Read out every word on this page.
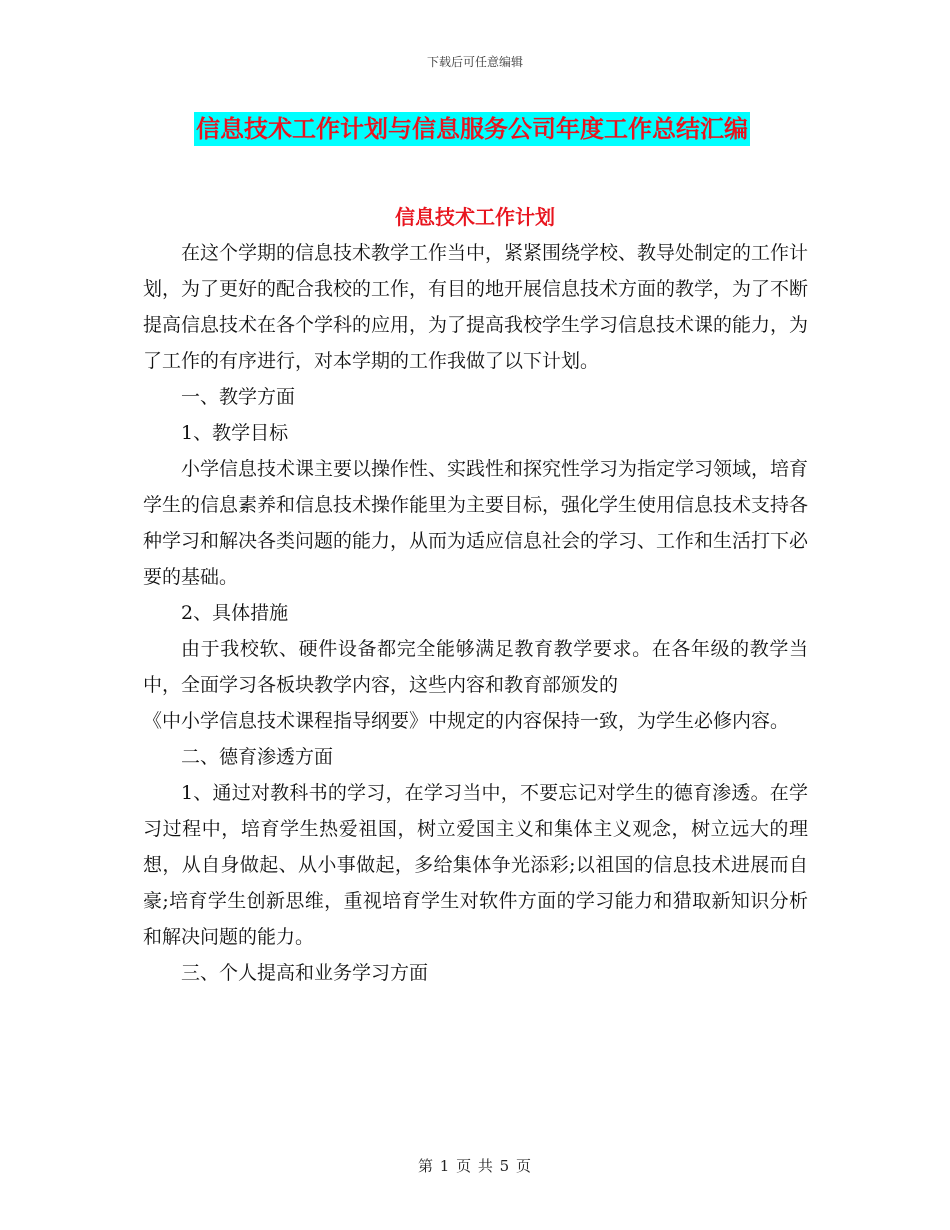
下载后可任意编辑
信息技术工作计划与信息服务公司年度工作总结汇编
信息技术工作计划

在这个学期的信息技术教学工作当中，紧紧围绕学校、教导处制定的工作计划，为了更好的配合我校的工作，有目的地开展信息技术方面的教学，为了不断提高信息技术在各个学科的应用，为了提高我校学生学习信息技术课的能力，为了工作的有序进行，对本学期的工作我做了以下计划。

一、教学方面

1、教学目标

小学信息技术课主要以操作性、实践性和探究性学习为指定学习领域，培育学生的信息素养和信息技术操作能里为主要目标，强化学生使用信息技术支持各种学习和解决各类问题的能力，从而为适应信息社会的学习、工作和生活打下必要的基础。

2、具体措施

由于我校软、硬件设备都完全能够满足教育教学要求。在各年级的教学当中，全面学习各板块教学内容，这些内容和教育部颁发的

《中小学信息技术课程指导纲要》中规定的内容保持一致，为学生必修内容。

二、德育渗透方面

1、通过对教科书的学习，在学习当中，不要忘记对学生的德育渗透。在学习过程中，培育学生热爱祖国，树立爱国主义和集体主义观念，树立远大的理想，从自身做起、从小事做起，多给集体争光添彩;以祖国的信息技术进展而自豪;培育学生创新思维，重视培育学生对软件方面的学习能力和猎取新知识分析和解决问题的能力。

三、个人提高和业务学习方面

第 1 页 共 5 页
